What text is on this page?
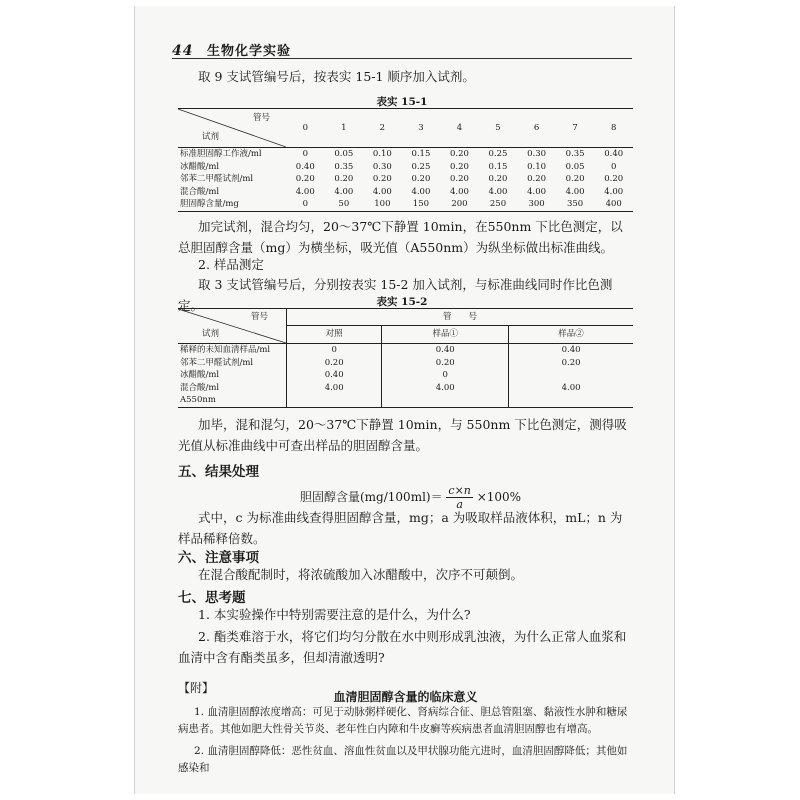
44 生物化学实验
取 9 支试管编号后，按表实 15-1 顺序加入试剂。
表实 15-1
管号
试剂	0	1	2	3	4	5	6	7	8
标准胆固醇工作液/ml	0	0.05	0.10	0.15	0.20	0.25	0.30	0.35	0.40
冰醋酸/ml	0.40	0.35	0.30	0.25	0.20	0.15	0.10	0.05	0
邻苯二甲醛试剂/ml	0.20	0.20	0.20	0.20	0.20	0.20	0.20	0.20	0.20
混合酸/ml	4.00	4.00	4.00	4.00	4.00	4.00	4.00	4.00	4.00
胆固醇含量/mg	0	50	100	150	200	250	300	350	400
加完试剂，混合均匀，20～37℃下静置 10min，在550nm 下比色测定，以总胆固醇含量（mg）为横坐标，吸光值（A550nm）为纵坐标做出标准曲线。
2. 样品测定
取 3 支试管编号后，分别按表实 15-2 加入试剂，与标准曲线同时作比色测定。	表实 15-2
管号
试剂	管　　号		
	对照	样品①	样品②
稀释的未知血清样品/ml	0	0.40	0.40
邻苯二甲醛试剂/ml	0.20	0.20	0.20
冰醋酸/ml	0.40	0	
混合酸/ml	4.00	4.00	4.00
A550nm			
加毕，混和混匀，20～37℃下静置 10min，与 550nm 下比色测定，测得吸光值从标准曲线中可查出样品的胆固醇含量。
五、结果处理
胆固醇含量$(mg/100ml)= \frac{c\times n}{a} \times 100\%$
式中，c 为标准曲线查得胆固醇含量，mg；a 为吸取样品液体积，mL；n 为样品稀释倍数。
六、注意事项
在混合酸配制时，将浓硫酸加入冰醋酸中，次序不可颠倒。
七、思考题
1. 本实验操作中特别需要注意的是什么，为什么?
2. 酯类难溶于水，将它们均匀分散在水中则形成乳浊液，为什么正常人血浆和血清中含有酯类虽多，但却清澈透明?
【附】
血清胆固醇含量的临床意义
1. 血清胆固醇浓度增高：可见于动脉粥样硬化、肾病综合征、胆总管阻塞、黏液性水肿和糖尿病患者。其他如肥大性骨关节炎、老年性白内障和牛皮癣等疾病患者血清胆固醇也有增高。
2. 血清胆固醇降低：恶性贫血、溶血性贫血以及甲状腺功能亢进时，血清胆固醇降低；其他如感染和
